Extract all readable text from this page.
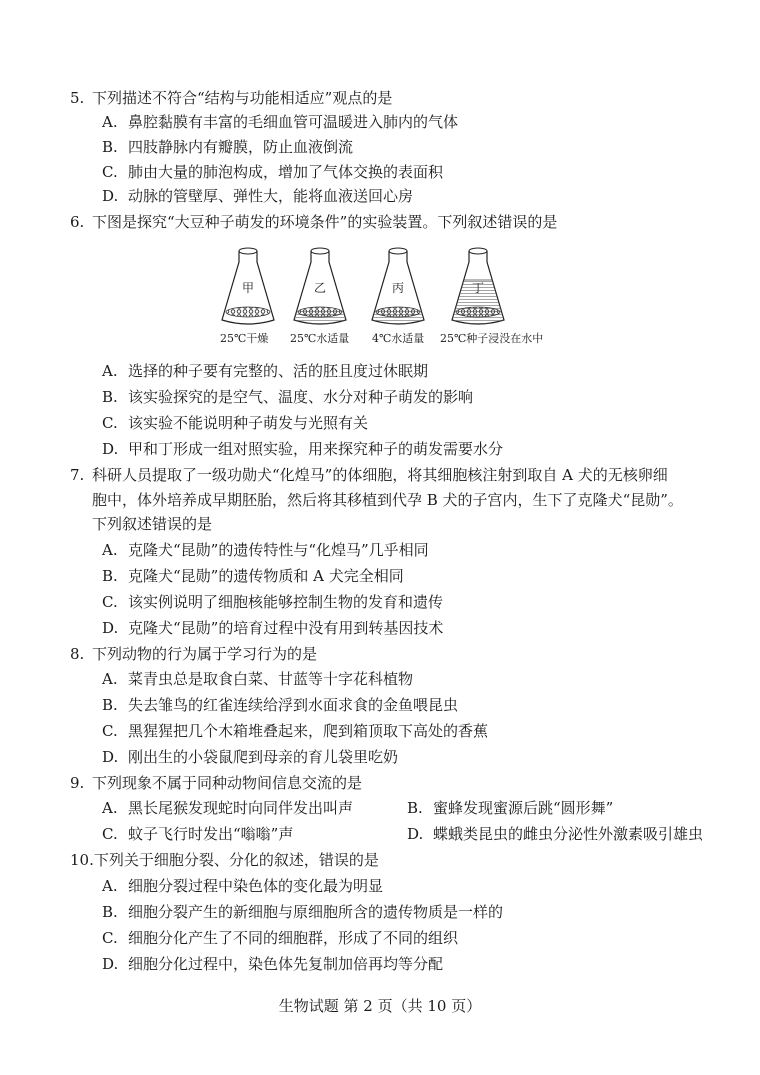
5. 下列描述不符合“结构与功能相适应”观点的是
A. 鼻腔黏膜有丰富的毛细血管可温暖进入肺内的气体
B. 四肢静脉内有瓣膜，防止血液倒流
C. 肺由大量的肺泡构成，增加了气体交换的表面积
D. 动脉的管壁厚、弹性大，能将血液送回心房
6. 下图是探究“大豆种子萌发的环境条件”的实验装置。下列叙述错误的是
甲	乙	丙	丁
25℃干燥 25℃水适量 4℃水适量 25℃种子浸没在水中
A. 选择的种子要有完整的、活的胚且度过休眠期
B. 该实验探究的是空气、温度、水分对种子萌发的影响
C. 该实验不能说明种子萌发与光照有关
D. 甲和丁形成一组对照实验，用来探究种子的萌发需要水分
7. 科研人员提取了一级功勋犬“化煌马”的体细胞，将其细胞核注射到取自 A 犬的无核卵细
胞中，体外培养成早期胚胎，然后将其移植到代孕 B 犬的子宫内，生下了克隆犬“昆勋”。
下列叙述错误的是
A. 克隆犬“昆勋”的遗传特性与“化煌马”几乎相同
B. 克隆犬“昆勋”的遗传物质和 A 犬完全相同
C. 该实例说明了细胞核能够控制生物的发育和遗传
D. 克隆犬“昆勋”的培育过程中没有用到转基因技术
8. 下列动物的行为属于学习行为的是
A. 菜青虫总是取食白菜、甘蓝等十字花科植物
B. 失去雏鸟的红雀连续给浮到水面求食的金鱼喂昆虫
C. 黑猩猩把几个木箱堆叠起来，爬到箱顶取下高处的香蕉
D. 刚出生的小袋鼠爬到母亲的育儿袋里吃奶
9. 下列现象不属于同种动物间信息交流的是
A. 黑长尾猴发现蛇时向同伴发出叫声	B. 蜜蜂发现蜜源后跳“圆形舞”
C. 蚊子飞行时发出“嗡嗡”声	D. 蝶蛾类昆虫的雌虫分泌性外激素吸引雄虫
10.下列关于细胞分裂、分化的叙述，错误的是
A. 细胞分裂过程中染色体的变化最为明显
B. 细胞分裂产生的新细胞与原细胞所含的遗传物质是一样的
C. 细胞分化产生了不同的细胞群，形成了不同的组织
D. 细胞分化过程中，染色体先复制加倍再均等分配
生物试题 第 2 页（共 10 页）
